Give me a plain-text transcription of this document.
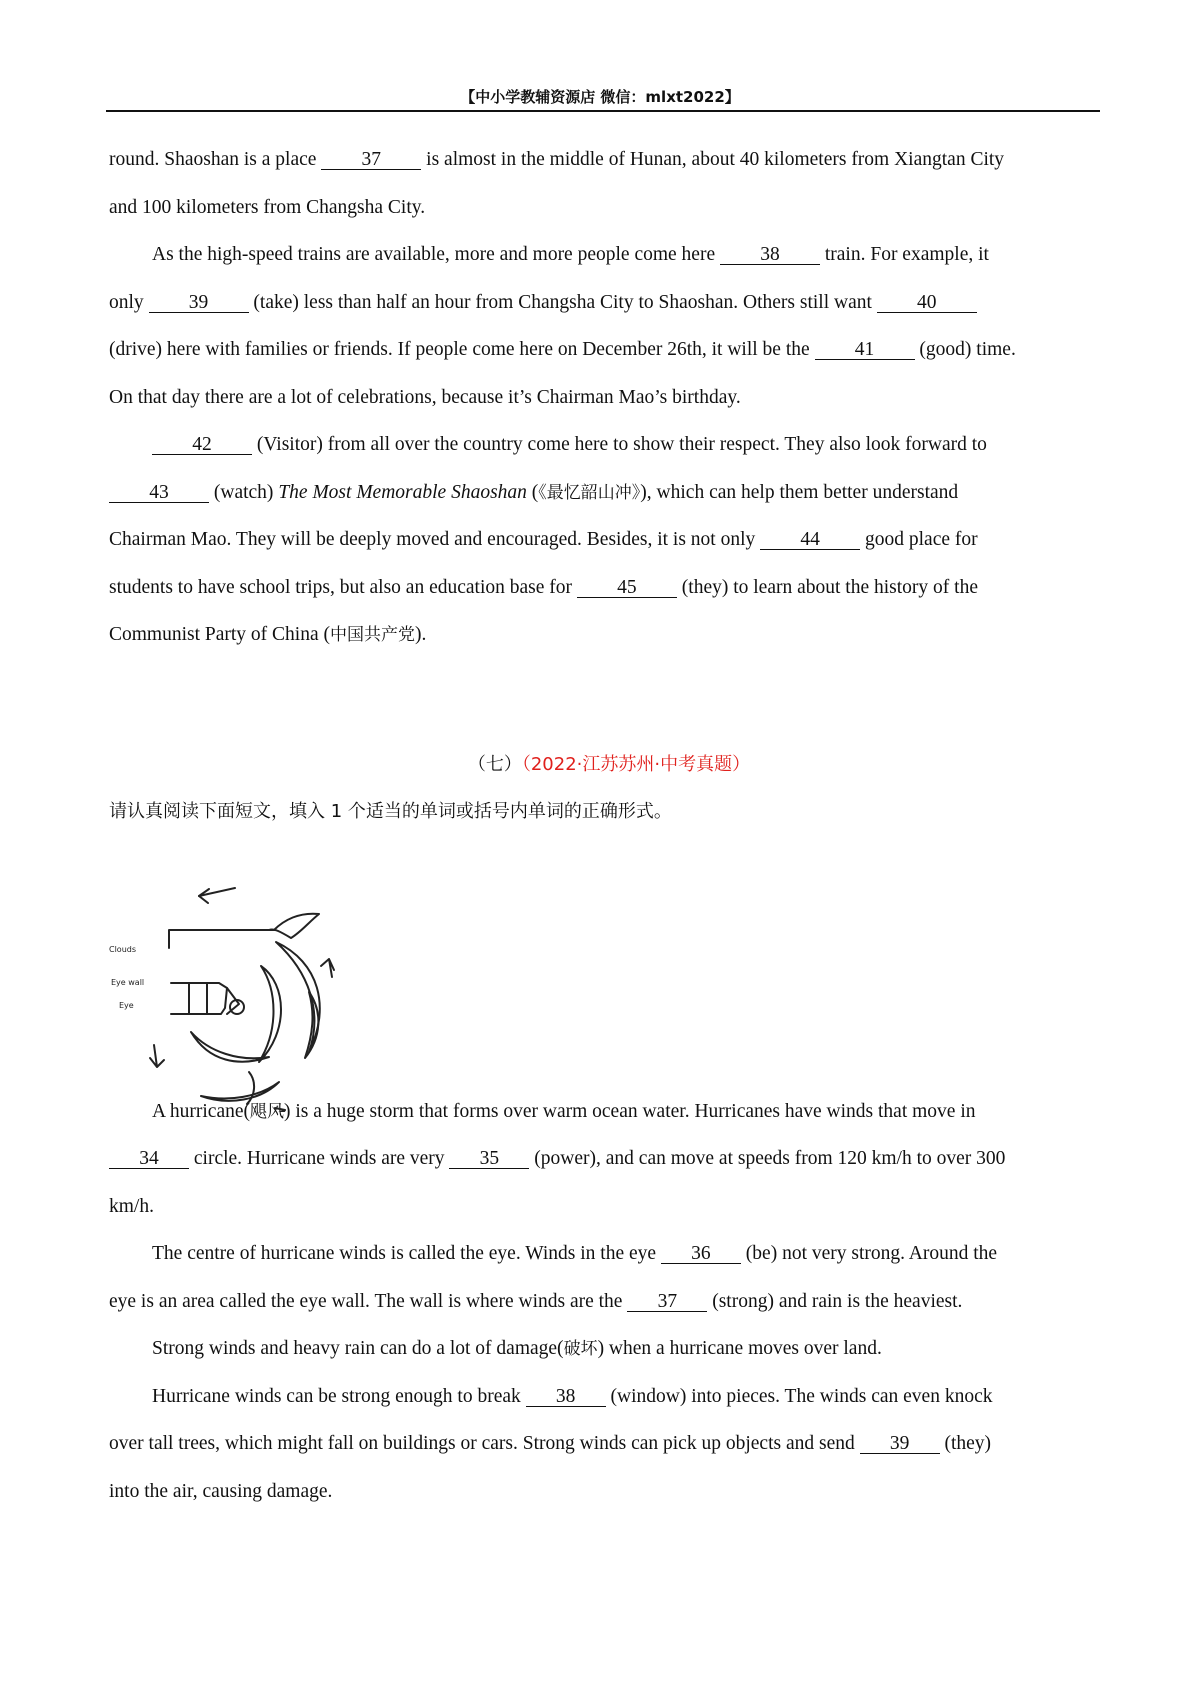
【中小学教辅资源店 微信：mlxt2022】
round. Shaoshan is a place 37 is almost in the middle of Hunan, about 40 kilometers from Xiangtan City
and 100 kilometers from Changsha City.
As the high-speed trains are available, more and more people come here 38 train. For example, it
only 39 (take) less than half an hour from Changsha City to Shaoshan. Others still want 40
(drive) here with families or friends. If people come here on December 26th, it will be the 41 (good) time.
On that day there are a lot of celebrations, because it’s Chairman Mao’s birthday.
42 (Visitor) from all over the country come here to show their respect. They also look forward to
43 (watch) The Most Memorable Shaoshan (《最忆韶山冲》), which can help them better understand
Chairman Mao. They will be deeply moved and encouraged. Besides, it is not only 44 good place for
students to have school trips, but also an education base for 45 (they) to learn about the history of the
Communist Party of China (中国共产党).
（七）（2022·江苏苏州·中考真题）
请认真阅读下面短文，填入 1 个适当的单词或括号内单词的正确形式。
A hurricane(飓风) is a huge storm that forms over warm ocean water. Hurricanes have winds that move in
34 circle. Hurricane winds are very 35 (power), and can move at speeds from 120 km/h to over 300
km/h.
The centre of hurricane winds is called the eye. Winds in the eye 36 (be) not very strong. Around the
eye is an area called the eye wall. The wall is where winds are the 37 (strong) and rain is the heaviest.
Strong winds and heavy rain can do a lot of damage(破坏) when a hurricane moves over land.
Hurricane winds can be strong enough to break 38 (window) into pieces. The winds can even knock
over tall trees, which might fall on buildings or cars. Strong winds can pick up objects and send 39 (they)
into the air, causing damage.
Clouds
Eye wall
Eye
